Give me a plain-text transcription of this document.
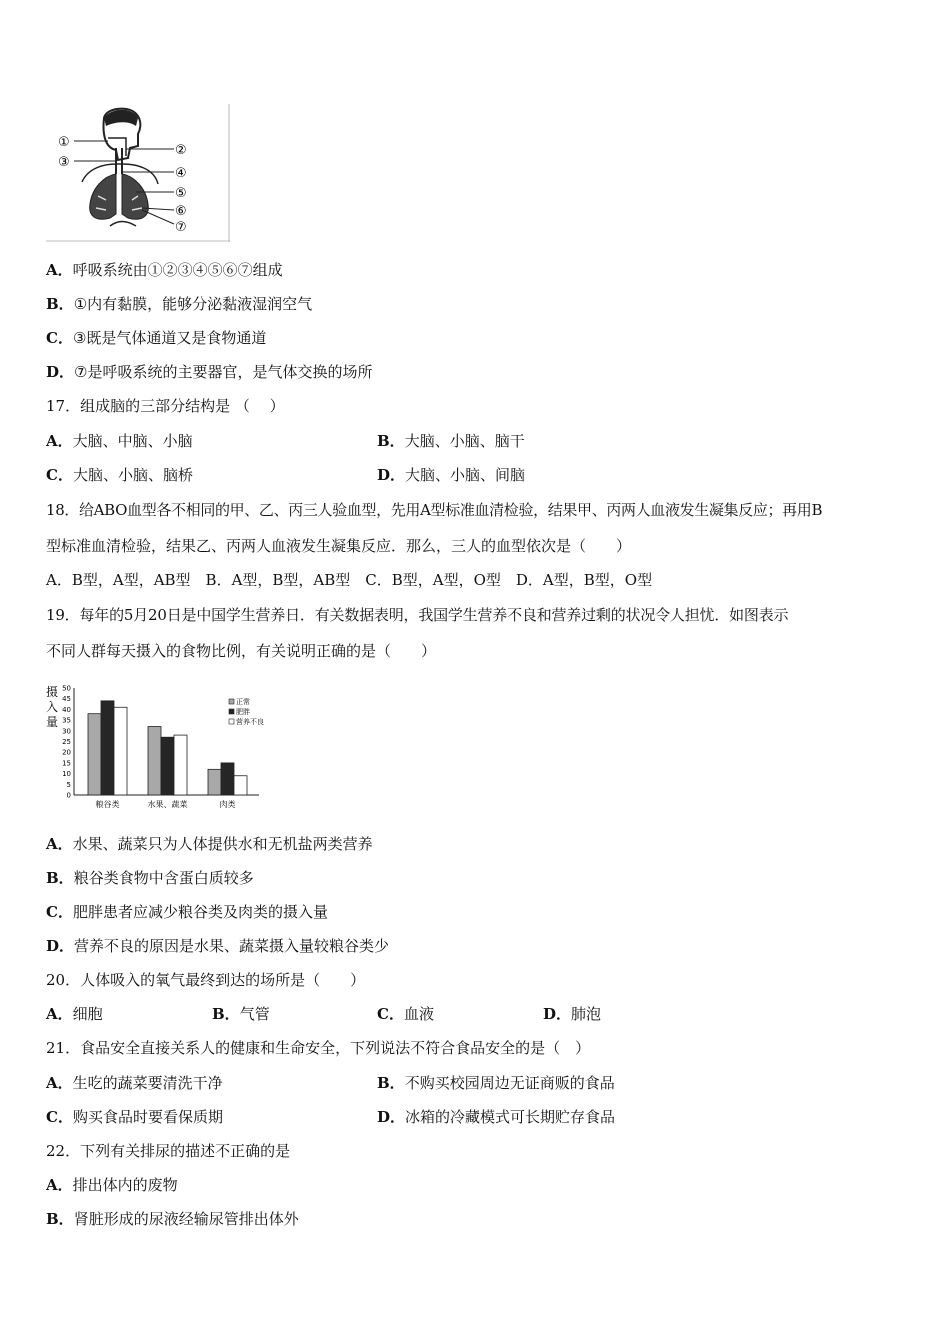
①
③
②
④
⑤
⑥
⑦
A．呼吸系统由①②③④⑤⑥⑦组成
B．①内有黏膜，能够分泌黏液湿润空气
C．③既是气体通道又是食物通道
D．⑦是呼吸系统的主要器官，是气体交换的场所
17．组成脑的三部分结构是 （　 ）
A．大脑、中脑、小脑	B．大脑、小脑、脑干
C．大脑、小脑、脑桥	D．大脑、小脑、间脑
18．给ABO血型各不相同的甲、乙、丙三人验血型，先用A型标准血清检验，结果甲、丙两人血液发生凝集反应；再用B
型标准血清检验，结果乙、丙两人血液发生凝集反应．那么，三人的血型依次是（　　）
A．B型，A型，AB型　B．A型，B型，AB型　C．B型，A型，O型　D．A型，B型，O型
19．每年的5月20日是中国学生营养日．有关数据表明，我国学生营养不良和营养过剩的状况令人担忧．如图表示
不同人群每天摄入的食物比例，有关说明正确的是（　　）
摄入量
0
5
10
15
20
25
30
35
40
45
50
粮谷类	水果、蔬菜	肉类
正常
肥胖
营养不良
A．水果、蔬菜只为人体提供水和无机盐两类营养
B．粮谷类食物中含蛋白质较多
C．肥胖患者应减少粮谷类及肉类的摄入量
D．营养不良的原因是水果、蔬菜摄入量较粮谷类少
20．人体吸入的氧气最终到达的场所是（　　）
A．细胞	B．气管	C．血液	D．肺泡
21．食品安全直接关系人的健康和生命安全，下列说法不符合食品安全的是（　）
A．生吃的蔬菜要清洗干净	B．不购买校园周边无证商贩的食品
C．购买食品时要看保质期	D．冰箱的冷藏模式可长期贮存食品
22．下列有关排尿的描述不正确的是
A．排出体内的废物
B．肾脏形成的尿液经输尿管排出体外
